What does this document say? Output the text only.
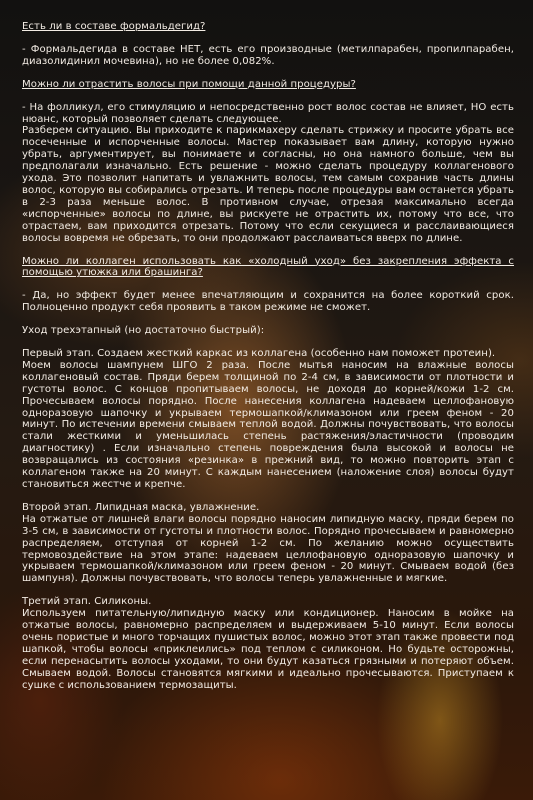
Есть ли в составе формальдегид?

- Формальдегида в составе НЕТ, есть его производные (метилпарабен, пропилпарабен, диазолидинил мочевина), но не более 0,082%.

Можно ли отрастить волосы при помощи данной процедуры?

- На фолликул, его стимуляцию и непосредственно рост волос состав не влияет, НО есть нюанс, который позволяет сделать следующее.

Разберем ситуацию. Вы приходите к парикмахеру сделать стрижку и просите убрать все посеченные и испорченные волосы. Мастер показывает вам длину, которую нужно убрать, аргументирует, вы понимаете и согласны, но она намного больше, чем вы предполагали изначально. Есть решение - можно сделать процедуру коллагенового ухода. Это позволит напитать и увлажнить волосы, тем самым сохранив часть длины волос, которую вы собирались отрезать. И теперь после процедуры вам останется убрать в 2-3 раза меньше волос. В противном случае, отрезая максимально всегда «испорченные» волосы по длине, вы рискуете не отрастить их, потому что все, что отрастаем, вам приходится отрезать. Потому что если секущиеся и расслаивающиеся волосы вовремя не обрезать, то они продолжают расслаиваться вверх по длине.

Можно ли коллаген использовать как «холодный уход» без закрепления эффекта с помощью утюжка или брашинга?

- Да, но эффект будет менее впечатляющим и сохранится на более короткий срок. Полноценно продукт себя проявить в таком режиме не сможет.

Уход трехэтапный (но достаточно быстрый):

Первый этап. Создаем жесткий каркас из коллагена (особенно нам поможет протеин).

Моем волосы шампунем ШГО 2 раза. После мытья наносим на влажные волосы коллагеновый состав. Пряди берем толщиной по 2-4 см, в зависимости от плотности и густоты волос. С концов пропитываем волосы, не доходя до корней/кожи 1-2 см. Прочесываем волосы порядно. После нанесения коллагена надеваем целлофановую одноразовую шапочку и укрываем термошапкой/климазоном или греем феном - 20 минут. По истечении времени смываем теплой водой. Должны почувствовать, что волосы стали жесткими и уменьшилась степень растяжения/эластичности (проводим диагностику) . Если изначально степень повреждения была высокой и волосы не возвращались из состояния «резинка» в прежний вид, то можно повторить этап с коллагеном также на 20 минут. С каждым нанесением (наложение слоя) волосы будут становиться жестче и крепче.

Второй этап. Липидная маска, увлажнение.

На отжатые от лишней влаги волосы порядно наносим липидную маску, пряди берем по 3-5 см, в зависимости от густоты и плотности волос. Порядно прочесываем и равномерно распределяем, отступая от корней 1-2 см. По желанию можно осуществить термовоздействие на этом этапе: надеваем целлофановую одноразовую шапочку и укрываем термошапкой/климазоном или греем феном - 20 минут. Смываем водой (без шампуня). Должны почувствовать, что волосы теперь увлажненные и мягкие.

Третий этап. Силиконы.

Используем питательную/липидную маску или кондиционер. Наносим в мойке на отжатые волосы, равномерно распределяем и выдерживаем 5-10 минут. Если волосы очень пористые и много торчащих пушистых волос, можно этот этап также провести под шапкой, чтобы волосы «приклеились» под теплом с силиконом. Но будьте осторожны, если перенасытить волосы уходами, то они будут казаться грязными и потеряют объем. Смываем водой. Волосы становятся мягкими и идеально прочесываются. Приступаем к сушке с использованием термозащиты.
